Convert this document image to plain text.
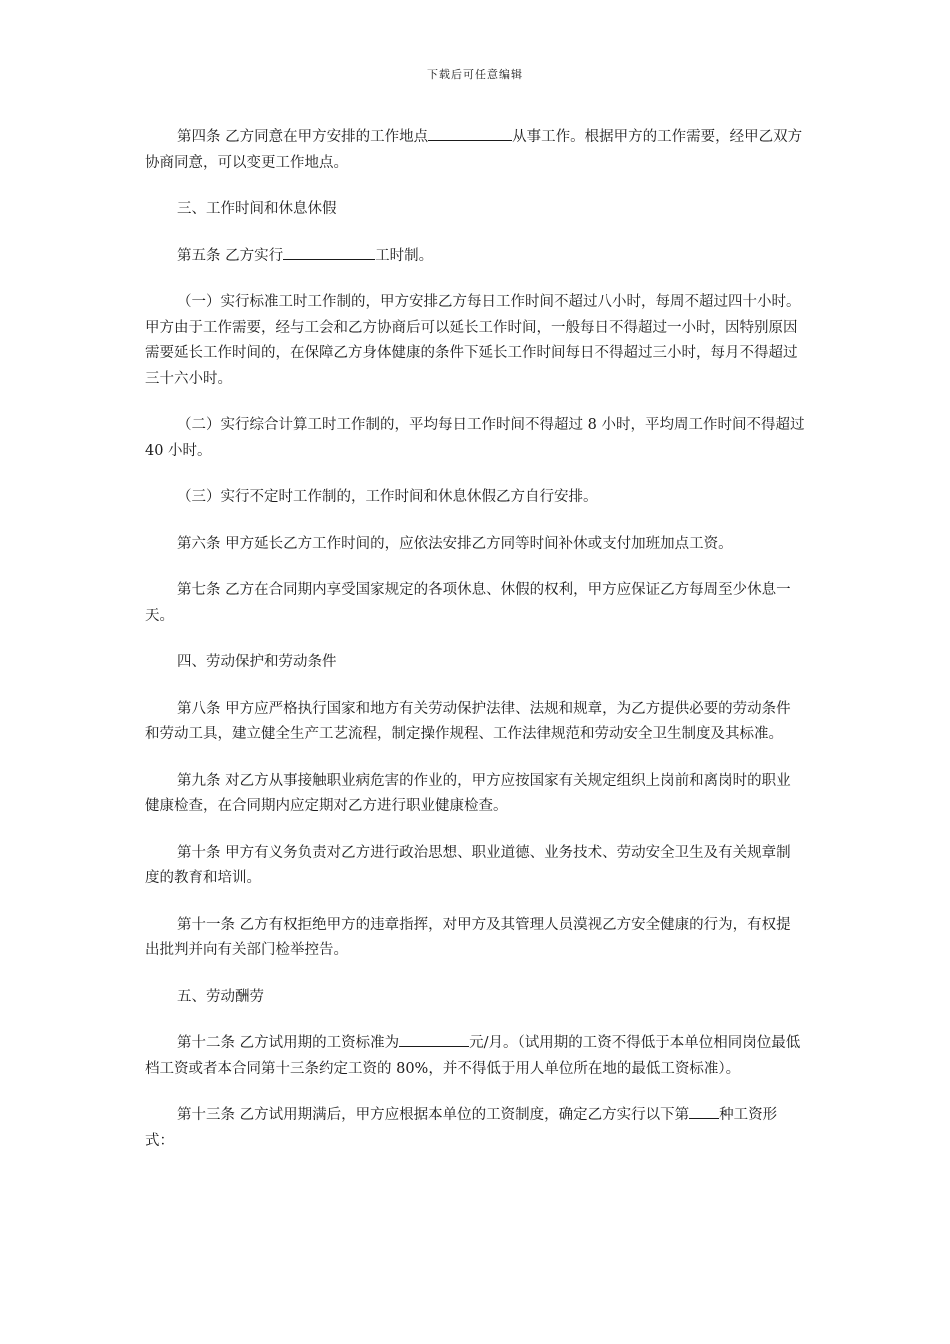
下载后可任意编辑

第四条 乙方同意在甲方安排的工作地点	从事工作。根据甲方的工作需要，经甲乙双方协商同意，可以变更工作地点。

三、工作时间和休息休假

第五条 乙方实行	工时制。

（一）实行标准工时工作制的，甲方安排乙方每日工作时间不超过八小时，每周不超过四十小时。甲方由于工作需要，经与工会和乙方协商后可以延长工作时间，一般每日不得超过一小时，因特别原因需要延长工作时间的，在保障乙方身体健康的条件下延长工作时间每日不得超过三小时，每月不得超过三十六小时。

（二）实行综合计算工时工作制的，平均每日工作时间不得超过 8 小时，平均周工作时间不得超过 40 小时。

（三）实行不定时工作制的，工作时间和休息休假乙方自行安排。

第六条 甲方延长乙方工作时间的，应依法安排乙方同等时间补休或支付加班加点工资。

第七条 乙方在合同期内享受国家规定的各项休息、休假的权利，甲方应保证乙方每周至少休息一天。

四、劳动保护和劳动条件

第八条 甲方应严格执行国家和地方有关劳动保护法律、法规和规章，为乙方提供必要的劳动条件和劳动工具，建立健全生产工艺流程，制定操作规程、工作法律规范和劳动安全卫生制度及其标准。

第九条 对乙方从事接触职业病危害的作业的，甲方应按国家有关规定组织上岗前和离岗时的职业健康检查，在合同期内应定期对乙方进行职业健康检查。

第十条 甲方有义务负责对乙方进行政治思想、职业道德、业务技术、劳动安全卫生及有关规章制度的教育和培训。

第十一条 乙方有权拒绝甲方的违章指挥，对甲方及其管理人员漠视乙方安全健康的行为，有权提出批判并向有关部门检举控告。

五、劳动酬劳

第十二条 乙方试用期的工资标准为	元/月。（试用期的工资不得低于本单位相同岗位最低档工资或者本合同第十三条约定工资的 80%，并不得低于用人单位所在地的最低工资标准）。

第十三条 乙方试用期满后，甲方应根据本单位的工资制度，确定乙方实行以下第 种工资形式：
